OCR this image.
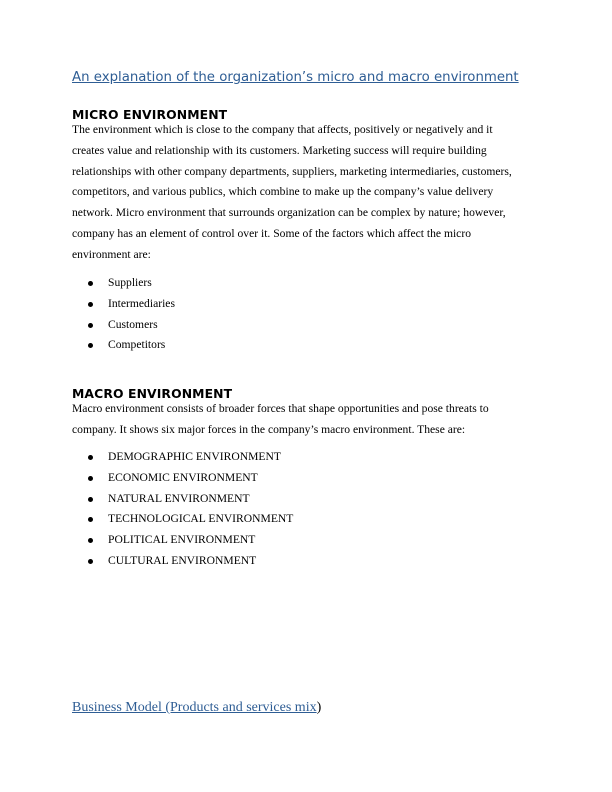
An explanation of the organization’s micro and macro environment
MICRO ENVIRONMENT
The environment which is close to the company that affects, positively or negatively and it
creates value and relationship with its customers. Marketing success will require building
relationships with other company departments, suppliers, marketing intermediaries, customers,
competitors, and various publics, which combine to make up the company’s value delivery
network. Micro environment that surrounds organization can be complex by nature; however,
company has an element of control over it. Some of the factors which affect the micro
environment are:
Suppliers
Intermediaries
Customers
Competitors
MACRO ENVIRONMENT
Macro environment consists of broader forces that shape opportunities and pose threats to
company. It shows six major forces in the company’s macro environment. These are:
DEMOGRAPHIC ENVIRONMENT
ECONOMIC ENVIRONMENT
NATURAL ENVIRONMENT
TECHNOLOGICAL ENVIRONMENT
POLITICAL ENVIRONMENT
CULTURAL ENVIRONMENT
Business Model (Products and services mix)
